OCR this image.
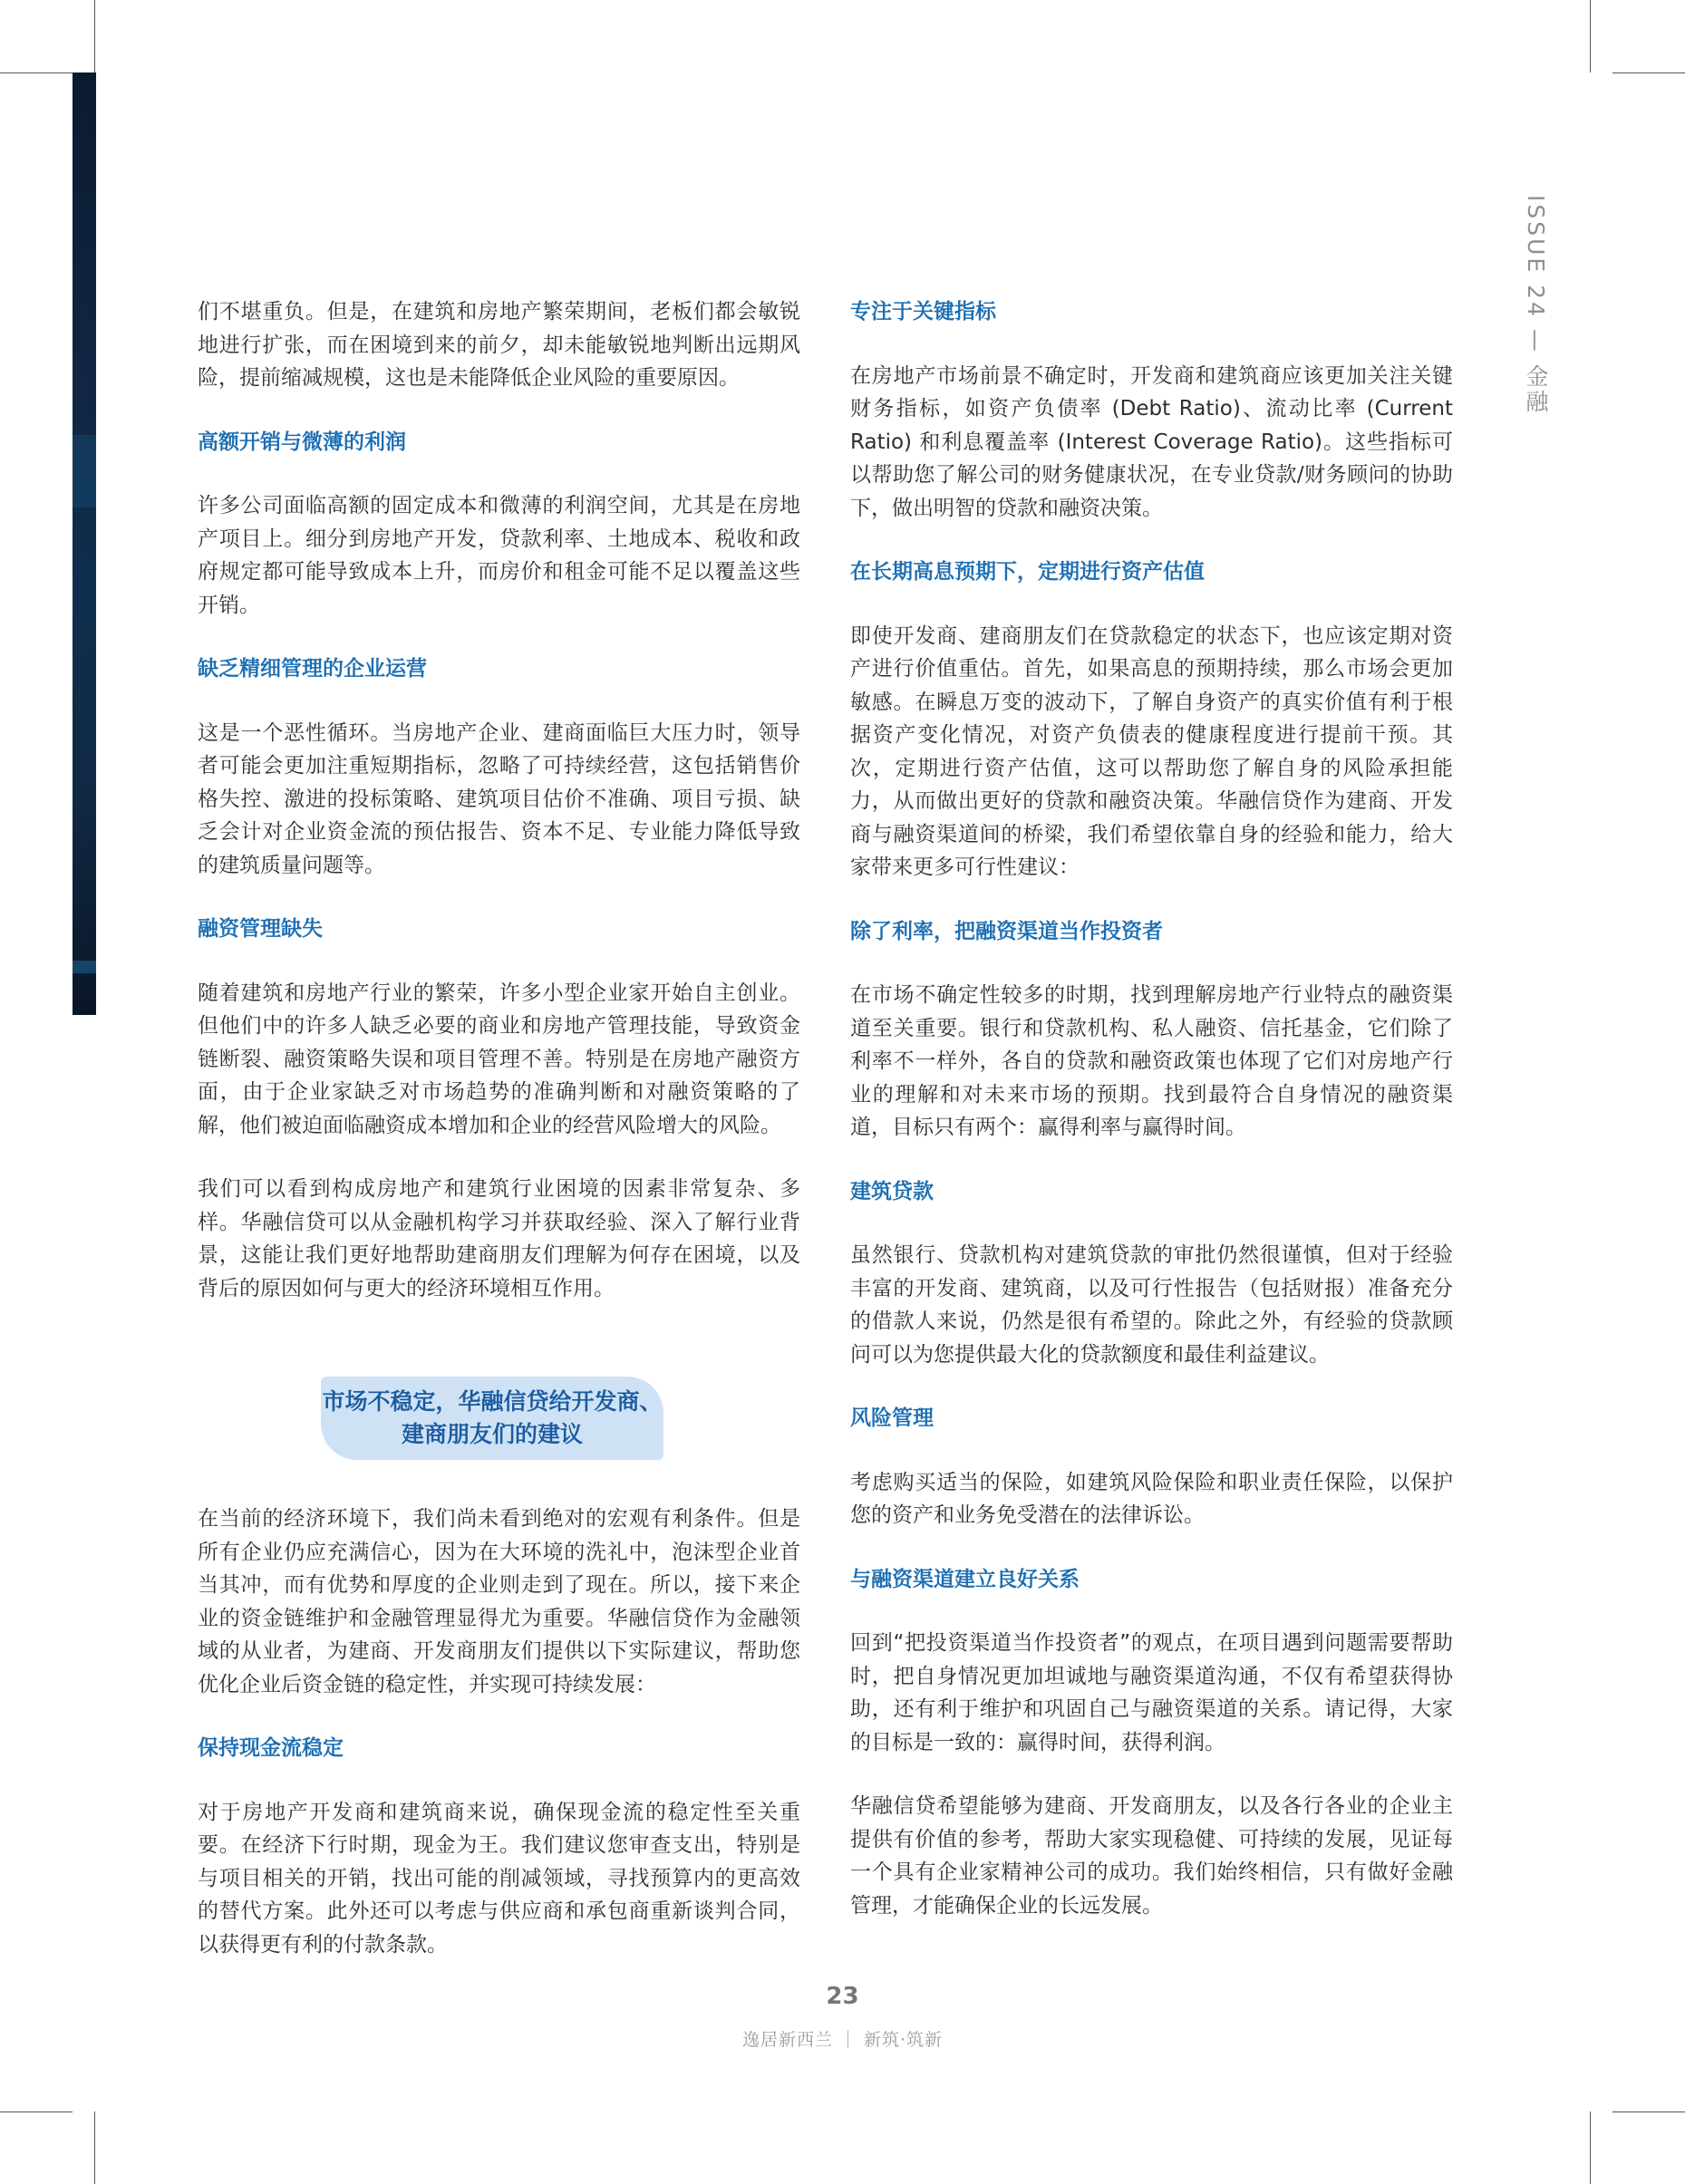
ISSUE 24 — 金融

们不堪重负。但是，在建筑和房地产繁荣期间，老板们都会敏锐地进行扩张，而在困境到来的前夕，却未能敏锐地判断出远期风险，提前缩减规模，这也是未能降低企业风险的重要原因。

高额开销与微薄的利润

许多公司面临高额的固定成本和微薄的利润空间，尤其是在房地产项目上。细分到房地产开发，贷款利率、土地成本、税收和政府规定都可能导致成本上升，而房价和租金可能不足以覆盖这些开销。

缺乏精细管理的企业运营

这是一个恶性循环。当房地产企业、建商面临巨大压力时，领导者可能会更加注重短期指标，忽略了可持续经营，这包括销售价格失控、激进的投标策略、建筑项目估价不准确、项目亏损、缺乏会计对企业资金流的预估报告、资本不足、专业能力降低导致的建筑质量问题等。

融资管理缺失

随着建筑和房地产行业的繁荣，许多小型企业家开始自主创业。但他们中的许多人缺乏必要的商业和房地产管理技能，导致资金链断裂、融资策略失误和项目管理不善。特别是在房地产融资方面，由于企业家缺乏对市场趋势的准确判断和对融资策略的了解，他们被迫面临融资成本增加和企业的经营风险增大的风险。

我们可以看到构成房地产和建筑行业困境的因素非常复杂、多样。华融信贷可以从金融机构学习并获取经验、深入了解行业背景，这能让我们更好地帮助建商朋友们理解为何存在困境，以及背后的原因如何与更大的经济环境相互作用。

在当前的经济环境下，我们尚未看到绝对的宏观有利条件。但是所有企业仍应充满信心，因为在大环境的洗礼中，泡沫型企业首当其冲，而有优势和厚度的企业则走到了现在。所以，接下来企业的资金链维护和金融管理显得尤为重要。华融信贷作为金融领域的从业者，为建商、开发商朋友们提供以下实际建议，帮助您优化企业后资金链的稳定性，并实现可持续发展：

保持现金流稳定

对于房地产开发商和建筑商来说，确保现金流的稳定性至关重要。在经济下行时期，现金为王。我们建议您审查支出，特别是与项目相关的开销，找出可能的削减领域，寻找预算内的更高效的替代方案。此外还可以考虑与供应商和承包商重新谈判合同，以获得更有利的付款条款。

专注于关键指标

在房地产市场前景不确定时，开发商和建筑商应该更加关注关键财务指标，如资产负债率 (Debt Ratio)、流动比率 (Current Ratio) 和利息覆盖率 (Interest Coverage Ratio)。这些指标可以帮助您了解公司的财务健康状况，在专业贷款/财务顾问的协助下，做出明智的贷款和融资决策。

在长期高息预期下，定期进行资产估值

即使开发商、建商朋友们在贷款稳定的状态下，也应该定期对资产进行价值重估。首先，如果高息的预期持续，那么市场会更加敏感。在瞬息万变的波动下，了解自身资产的真实价值有利于根据资产变化情况，对资产负债表的健康程度进行提前干预。其次，定期进行资产估值，这可以帮助您了解自身的风险承担能力，从而做出更好的贷款和融资决策。华融信贷作为建商、开发商与融资渠道间的桥梁，我们希望依靠自身的经验和能力，给大家带来更多可行性建议：

除了利率，把融资渠道当作投资者

在市场不确定性较多的时期，找到理解房地产行业特点的融资渠道至关重要。银行和贷款机构、私人融资、信托基金，它们除了利率不一样外，各自的贷款和融资政策也体现了它们对房地产行业的理解和对未来市场的预期。找到最符合自身情况的融资渠道，目标只有两个：赢得利率与赢得时间。

建筑贷款

虽然银行、贷款机构对建筑贷款的审批仍然很谨慎，但对于经验丰富的开发商、建筑商，以及可行性报告（包括财报）准备充分的借款人来说，仍然是很有希望的。除此之外，有经验的贷款顾问可以为您提供最大化的贷款额度和最佳利益建议。

风险管理

考虑购买适当的保险，如建筑风险保险和职业责任保险，以保护您的资产和业务免受潜在的法律诉讼。

与融资渠道建立良好关系

回到“把投资渠道当作投资者”的观点，在项目遇到问题需要帮助时，把自身情况更加坦诚地与融资渠道沟通，不仅有希望获得协助，还有利于维护和巩固自己与融资渠道的关系。请记得，大家的目标是一致的：赢得时间，获得利润。

华融信贷希望能够为建商、开发商朋友，以及各行各业的企业主提供有价值的参考，帮助大家实现稳健、可持续的发展，见证每一个具有企业家精神公司的成功。我们始终相信，只有做好金融管理，才能确保企业的长远发展。

市场不稳定，华融信贷给开发商、
建商朋友们的建议
23
逸居新西兰 ｜ 新筑·筑新
